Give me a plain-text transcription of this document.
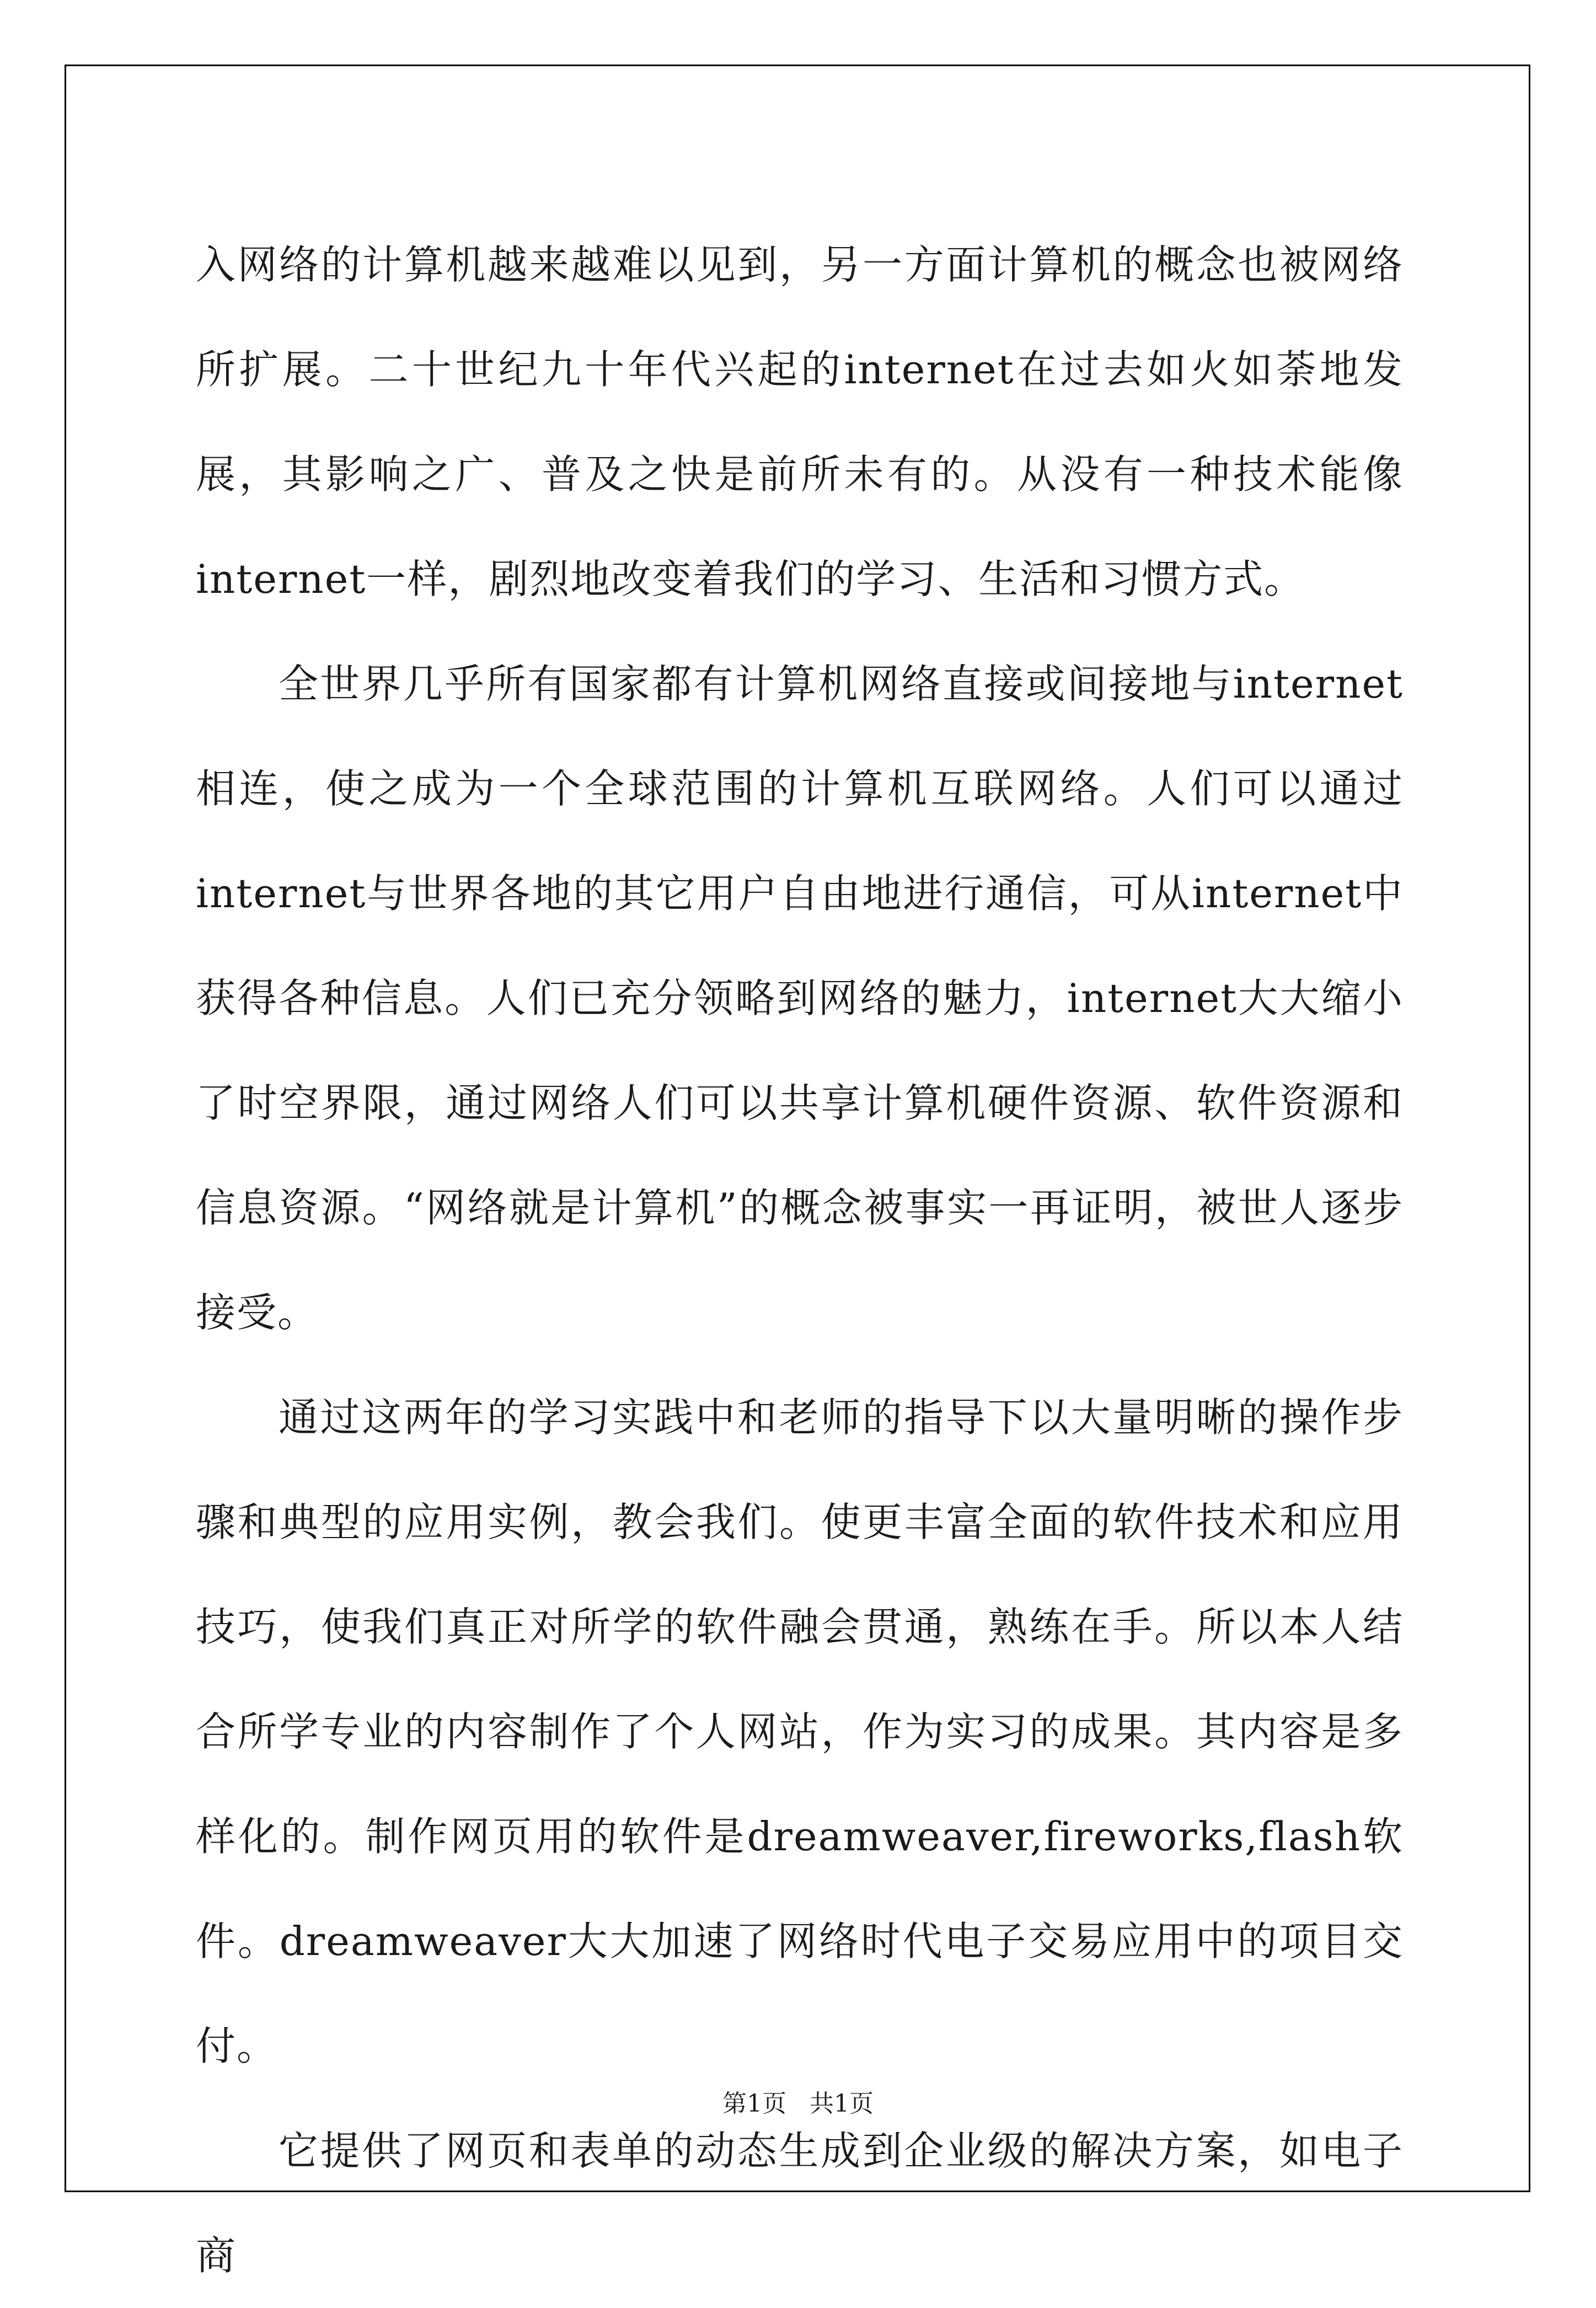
入网络的计算机越来越难以见到，另一方面计算机的概念也被网络所扩展。二十世纪九十年代兴起的internet在过去如火如荼地发展，其影响之广、普及之快是前所未有的。从没有一种技术能像internet一样，剧烈地改变着我们的学习、生活和习惯方式。

全世界几乎所有国家都有计算机网络直接或间接地与internet相连，使之成为一个全球范围的计算机互联网络。人们可以通过internet与世界各地的其它用户自由地进行通信，可从internet中获得各种信息。人们已充分领略到网络的魅力，internet大大缩小了时空界限，通过网络人们可以共享计算机硬件资源、软件资源和信息资源。“网络就是计算机”的概念被事实一再证明，被世人逐步接受。

通过这两年的学习实践中和老师的指导下以大量明晰的操作步骤和典型的应用实例，教会我们。使更丰富全面的软件技术和应用技巧，使我们真正对所学的软件融会贯通，熟练在手。所以本人结合所学专业的内容制作了个人网站，作为实习的成果。其内容是多样化的。制作网页用的软件是dreamweaver,fireworks,flash软件。dreamweaver大大加速了网络时代电子交易应用中的项目交付。

它提供了网页和表单的动态生成到企业级的解决方案，如电子商

第1页   共1页
